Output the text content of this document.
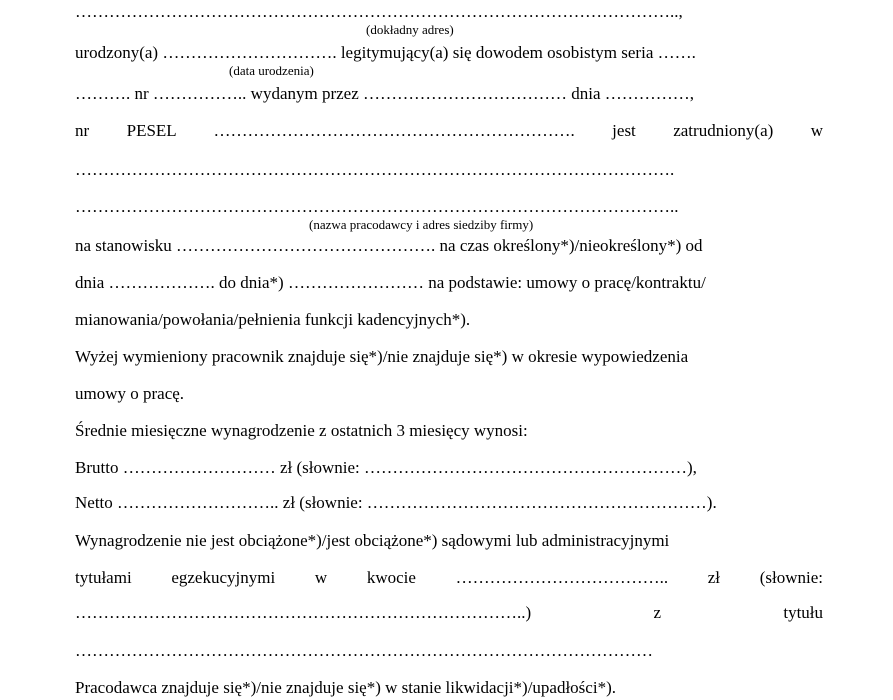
……………………………………………………………………………………………..,
(dokładny adres)
urodzony(a) …………………………. legitymujący(a) się dowodem osobistym seria …….
(data urodzenia)
………. nr …………….. wydanym przez ……………………………… dnia ……………,
nr PESEL ………………………………………………………. jest zatrudniony(a) w
…………………………………………………………………………………………….
……………………………………………………………………………………………..
(nazwa pracodawcy i adres siedziby firmy)
na stanowisku ………………………………………. na czas określony*)/nieokreślony*) od
dnia ………………. do dnia*) …………………… na podstawie: umowy o pracę/kontraktu/
mianowania/powołania/pełnienia funkcji kadencyjnych*).
Wyżej wymieniony pracownik znajduje się*)/nie znajduje się*) w okresie wypowiedzenia
umowy o pracę.
Średnie miesięczne wynagrodzenie z ostatnich 3 miesięcy wynosi:
Brutto ……………………… zł (słownie: …………………………………………………),
Netto ……………………….. zł (słownie: ……………………………………………………).
Wynagrodzenie nie jest obciążone*)/jest obciążone*) sądowymi lub administracyjnymi
tytułami egzekucyjnymi w kwocie ……………………………….. zł (słownie:
……………………………………………………………………..)	z	tytułu
…………………………………………………………………………………………
Pracodawca znajduje się*)/nie znajduje się*) w stanie likwidacji*)/upadłości*).
